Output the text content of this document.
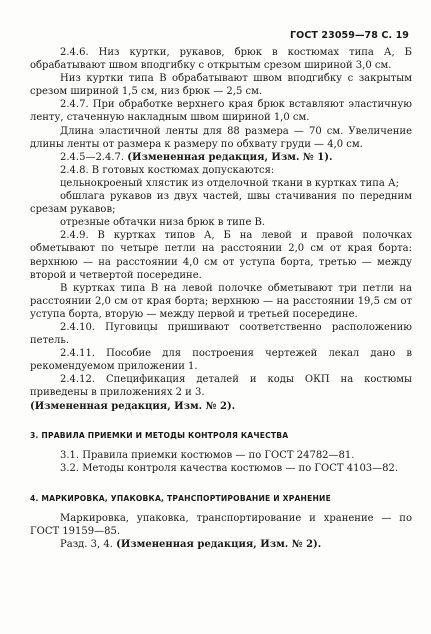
ГОСТ 23059—78 С. 19

2.4.6. Низ куртки, рукавов, брюк в костюмах типа А, Б обрабатывают швом вподгибку с открытым срезом шириной 3,0 см.

Низ куртки типа В обрабатывают швом вподгибку с закрытым срезом шириной 1,5 см, низ брюк — 2,5 см.

2.4.7. При обработке верхнего края брюк вставляют эластичную ленту, стаченную накладным швом шириной 1,0 см.

Длина эластичной ленты для 88 размера — 70 см. Увеличение длины ленты от размера к размеру по обхвату груди — 4,0 см.

2.4.5—2.4.7. (Измененная редакция, Изм. № 1).

2.4.8. В готовых костюмах допускаются:

цельнокроеный хлястик из отделочной ткани в куртках типа А;

обшлага рукавов из двух частей, швы стачивания по передним срезам рукавов;

отрезные обтачки низа брюк в типе В.

2.4.9. В куртках типов А, Б на левой и правой полочках обметывают по четыре петли на расстоянии 2,0 см от края борта: верхнюю — на расстоянии 4,0 см от уступа борта, третью — между второй и четвертой посередине.

В куртках типа В на левой полочке обметывают три петли на расстоянии 2,0 см от края борта; верхнюю — на расстоянии 19,5 см от уступа борта, вторую — между первой и третьей посередине.

2.4.10. Пуговицы пришивают соответственно расположению петель.

2.4.11. Пособие для построения чертежей лекал дано в рекомендуемом приложении 1.

2.4.12. Спецификация деталей и коды ОКП на костюмы приведены в приложениях 2 и 3.

(Измененная редакция, Изм. № 2).

3. ПРАВИЛА ПРИЕМКИ И МЕТОДЫ КОНТРОЛЯ КАЧЕСТВА

3.1. Правила приемки костюмов — по ГОСТ 24782—81.

3.2. Методы контроля качества костюмов — по ГОСТ 4103—82.

4. МАРКИРОВКА, УПАКОВКА, ТРАНСПОРТИРОВАНИЕ И ХРАНЕНИЕ

Маркировка, упаковка, транспортирование и хранение — по ГОСТ 19159—85.

Разд. 3, 4. (Измененная редакция, Изм. № 2).
